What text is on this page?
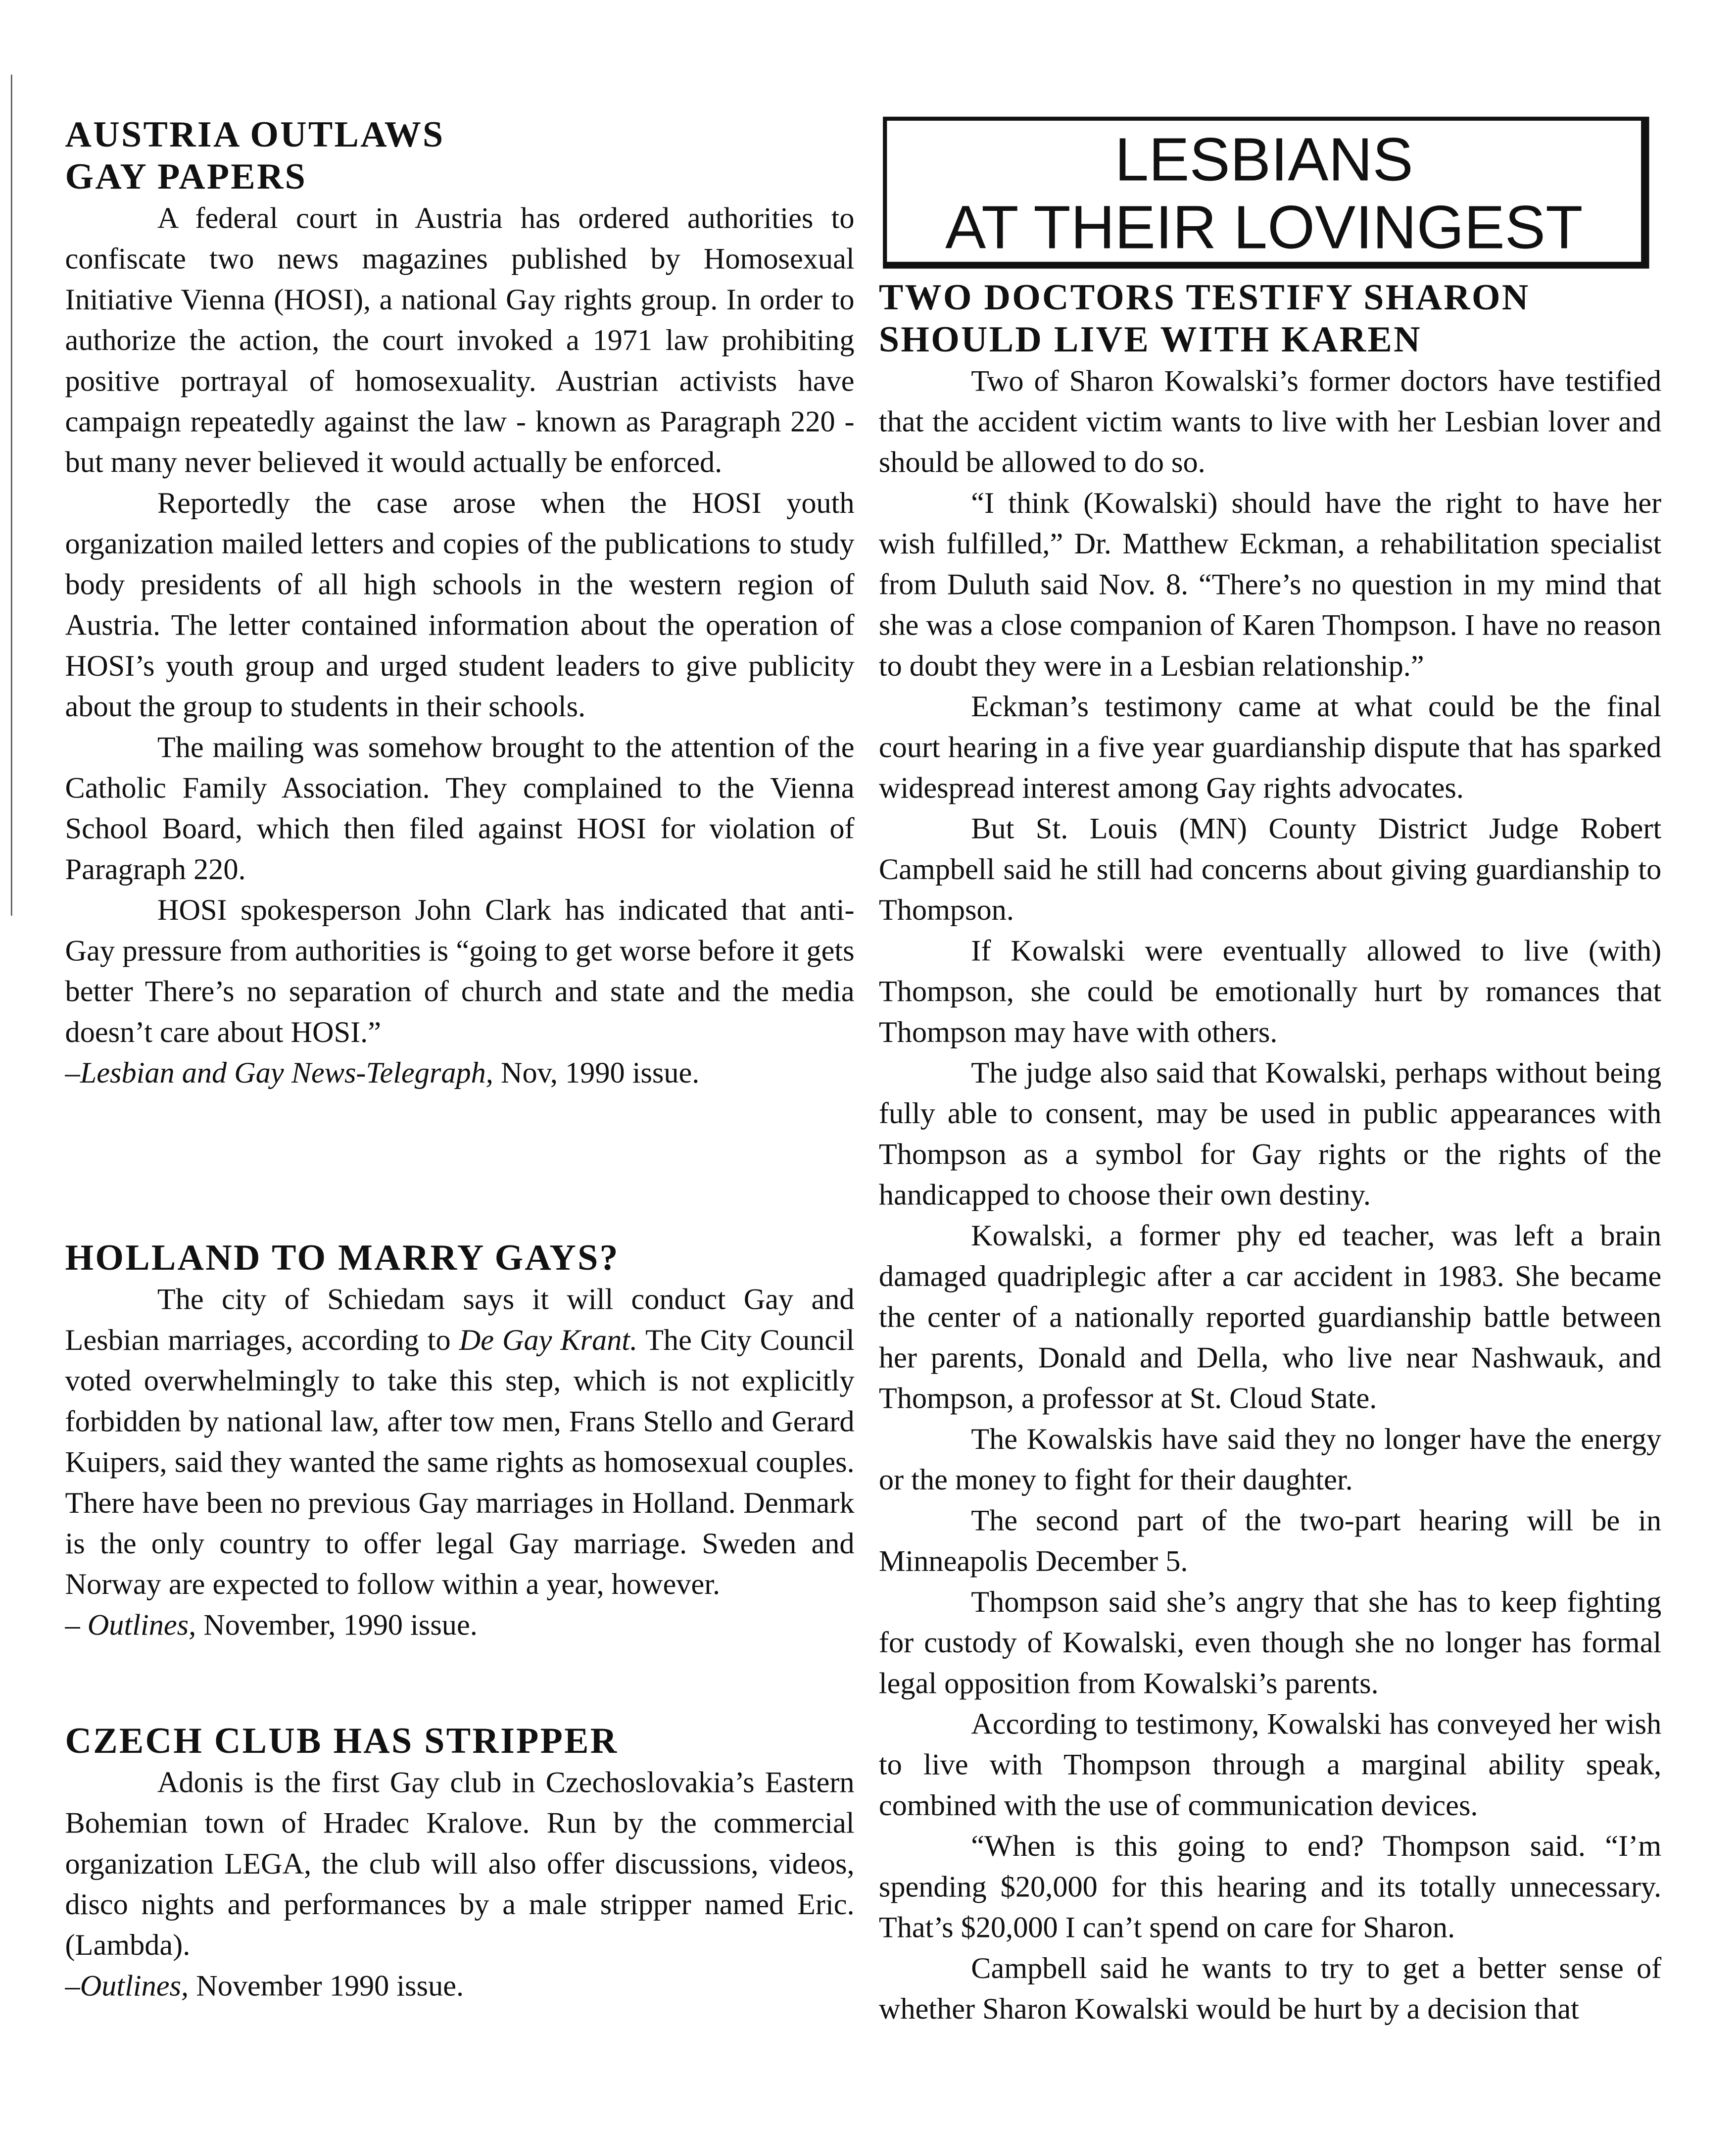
AUSTRIA OUTLAWS
GAY PAPERS

A federal court in Austria has ordered authorities to confiscate two news magazines published by Homosexual Initiative Vienna (HOSI), a national Gay rights group. In order to authorize the action, the court invoked a 1971 law prohibiting positive portrayal of homosexuality. Austrian activists have campaign repeatedly against the law - known as Paragraph 220 - but many never believed it would actually be enforced.

Reportedly the case arose when the HOSI youth organization mailed letters and copies of the publications to study body presidents of all high schools in the western region of Austria. The letter contained information about the operation of HOSI’s youth group and urged student leaders to give publicity about the group to students in their schools.

The mailing was somehow brought to the attention of the Catholic Family Association. They complained to the Vienna School Board, which then filed against HOSI for violation of Paragraph 220.

HOSI spokesperson John Clark has indicated that anti-Gay pressure from authorities is “going to get worse before it gets better There’s no separation of church and state and the media doesn’t care about HOSI.”

–Lesbian and Gay News-Telegraph, Nov, 1990 issue.

HOLLAND TO MARRY GAYS?

The city of Schiedam says it will conduct Gay and Lesbian marriages, according to De Gay Krant. The City Council voted overwhelmingly to take this step, which is not explicitly forbidden by national law, after tow men, Frans Stello and Gerard Kuipers, said they wanted the same rights as homosexual couples. There have been no previous Gay marriages in Holland. Denmark is the only country to offer legal Gay marriage. Sweden and Norway are expected to follow within a year, however.

– Outlines, November, 1990 issue.

CZECH CLUB HAS STRIPPER

Adonis is the first Gay club in Czechoslovakia’s Eastern Bohemian town of Hradec Kralove. Run by the commercial organization LEGA, the club will also offer discussions, videos, disco nights and performances by a male stripper named Eric. (Lambda).

–Outlines, November 1990 issue.

LESBIANS
AT THEIR LOVINGEST
TWO DOCTORS TESTIFY SHARON
SHOULD LIVE WITH KAREN

Two of Sharon Kowalski’s former doctors have testified that the accident victim wants to live with her Lesbian lover and should be allowed to do so.

“I think (Kowalski) should have the right to have her wish fulfilled,” Dr. Matthew Eckman, a rehabilitation specialist from Duluth said Nov. 8. “There’s no question in my mind that she was a close companion of Karen Thompson. I have no reason to doubt they were in a Lesbian relationship.”

Eckman’s testimony came at what could be the final court hearing in a five year guardianship dispute that has sparked widespread interest among Gay rights advocates.

But St. Louis (MN) County District Judge Robert Campbell said he still had concerns about giving guardianship to Thompson.

If Kowalski were eventually allowed to live (with) Thompson, she could be emotionally hurt by romances that Thompson may have with others.

The judge also said that Kowalski, perhaps without being fully able to consent, may be used in public appearances with Thompson as a symbol for Gay rights or the rights of the handicapped to choose their own destiny.

Kowalski, a former phy ed teacher, was left a brain damaged quadriplegic after a car accident in 1983. She became the center of a nationally reported guardianship battle between her parents, Donald and Della, who live near Nashwauk, and Thompson, a professor at St. Cloud State.

The Kowalskis have said they no longer have the energy or the money to fight for their daughter.

The second part of the two-part hearing will be in Minneapolis December 5.

Thompson said she’s angry that she has to keep fighting for custody of Kowalski, even though she no longer has formal legal opposition from Kowalski’s parents.

According to testimony, Kowalski has conveyed her wish to live with Thompson through a marginal ability speak, combined with the use of communication devices.

“When is this going to end? Thompson said. “I’m spending $20,000 for this hearing and its totally unnecessary. That’s $20,000 I can’t spend on care for Sharon.

Campbell said he wants to try to get a better sense of whether Sharon Kowalski would be hurt by a decision that
